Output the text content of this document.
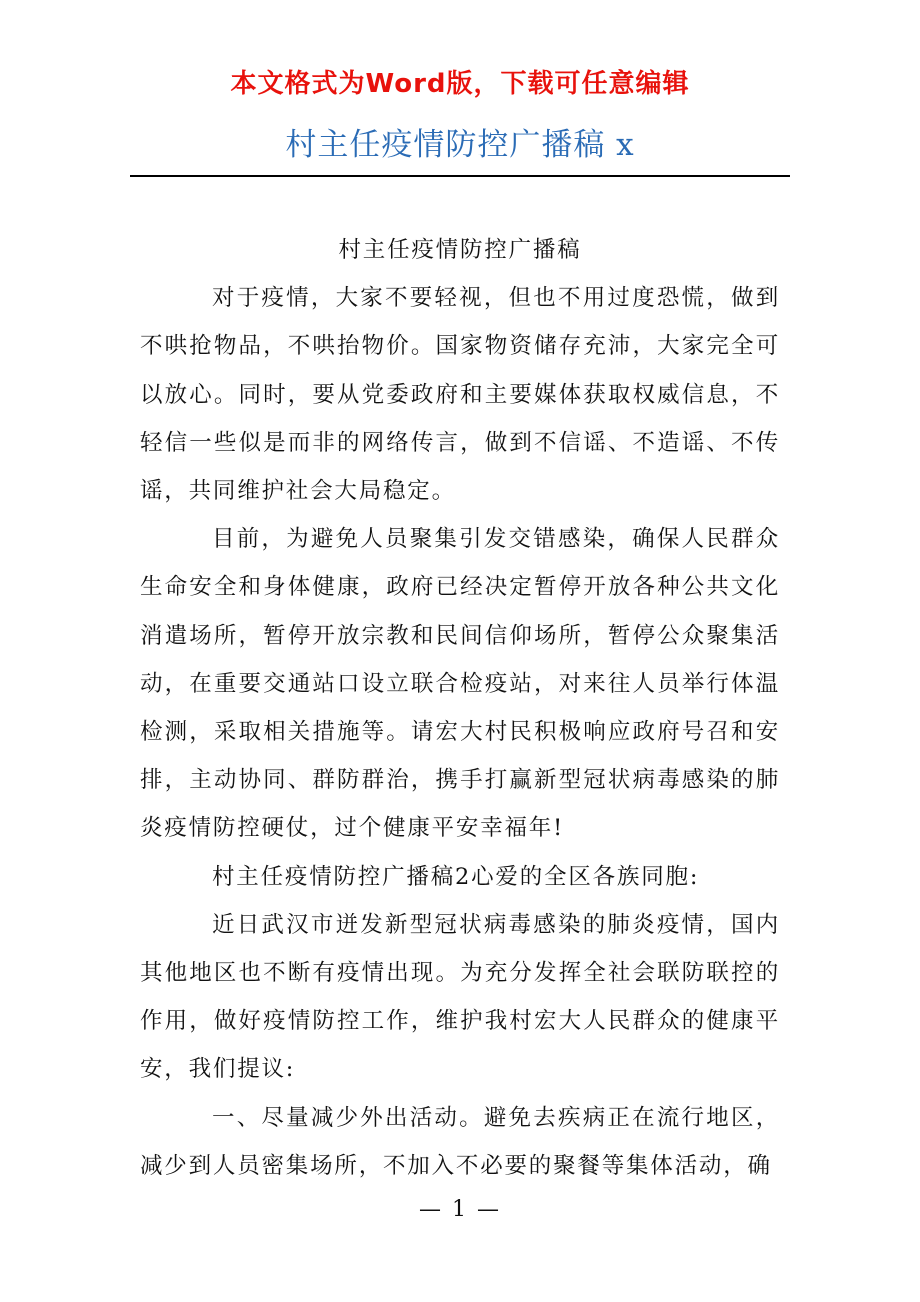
本文格式为Word版，下载可任意编辑
村主任疫情防控广播稿 x

村主任疫情防控广播稿

对于疫情，大家不要轻视，但也不用过度恐慌，做到不哄抢物品，不哄抬物价。国家物资储存充沛，大家完全可以放心。同时，要从党委政府和主要媒体获取权威信息，不轻信一些似是而非的网络传言，做到不信谣、不造谣、不传谣，共同维护社会大局稳定。

目前，为避免人员聚集引发交错感染，确保人民群众生命安全和身体健康，政府已经决定暂停开放各种公共文化消遣场所，暂停开放宗教和民间信仰场所，暂停公众聚集活动，在重要交通站口设立联合检疫站，对来往人员举行体温检测，采取相关措施等。请宏大村民积极响应政府号召和安排，主动协同、群防群治，携手打赢新型冠状病毒感染的肺炎疫情防控硬仗，过个健康平安幸福年!

村主任疫情防控广播稿2心爱的全区各族同胞:

近日武汉市迸发新型冠状病毒感染的肺炎疫情，国内其他地区也不断有疫情出现。为充分发挥全社会联防联控的作用，做好疫情防控工作，维护我村宏大人民群众的健康平安，我们提议:

一、尽量减少外出活动。避免去疾病正在流行地区，减少到人员密集场所，不加入不必要的聚餐等集体活动，确

— 1 —
